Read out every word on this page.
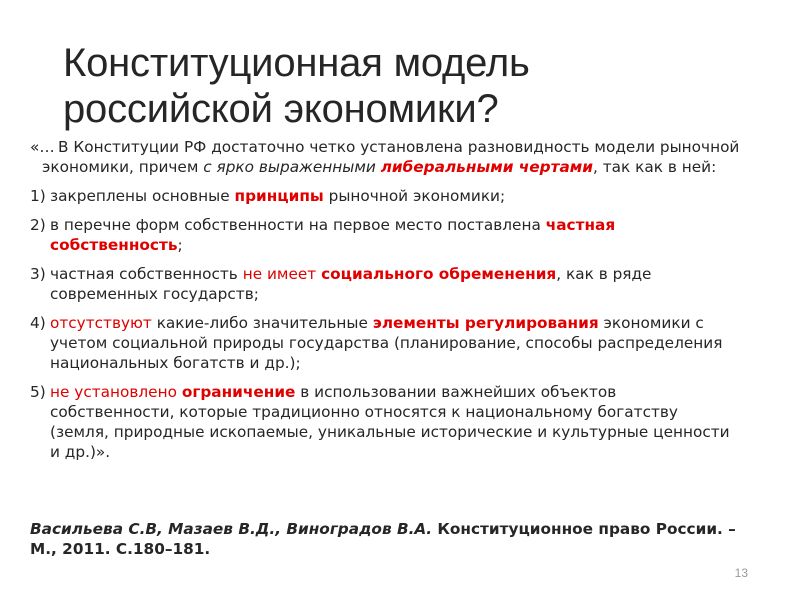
Конституционная модель
российской экономики?
«… В Конституции РФ достаточно четко установлена разновидность модели рыночной экономики, причем с ярко выраженными либеральными чертами, так как в ней:
1) закреплены основные принципы рыночной экономики;
2) в перечне форм собственности на первое место поставлена частная собственность;
3) частная собственность не имеет социального обременения, как в ряде современных государств;
4) отсутствуют какие-либо значительные элементы регулирования экономики с учетом социальной природы государства (планирование, способы распределения национальных богатств и др.);
5) не установлено ограничение в использовании важнейших объектов собственности, которые традиционно относятся к национальному богатству (земля, природные ископаемые, уникальные исторические и культурные ценности и др.)».
Васильева С.В, Мазаев В.Д., Виноградов В.А. Конституционное право России. – М., 2011. С.180–181.
13
